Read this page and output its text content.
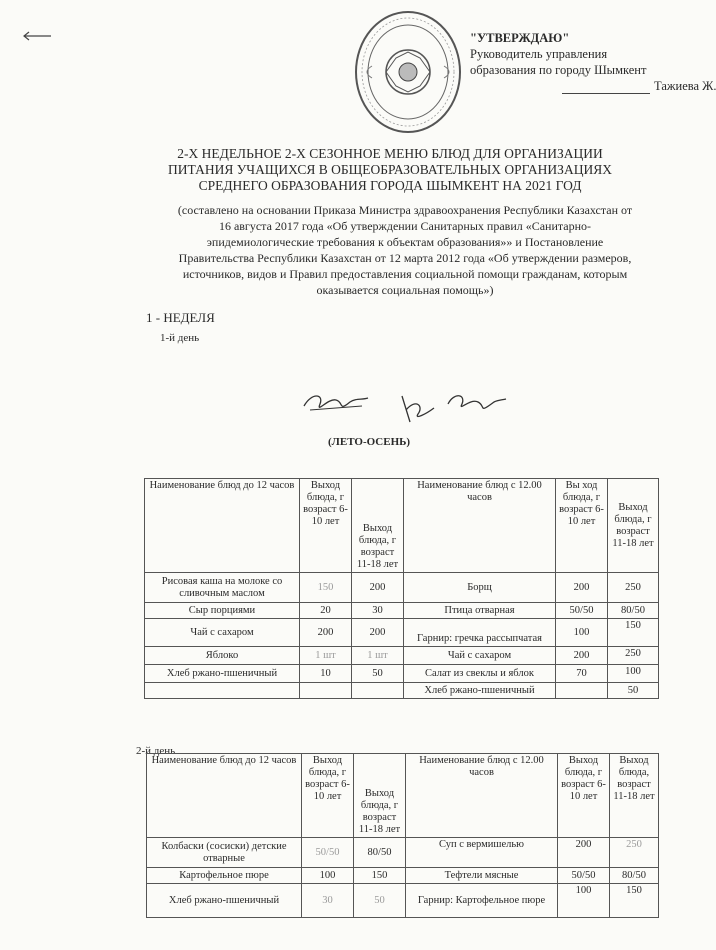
"УТВЕРЖДАЮ"
Руководитель управления
образования по городу Шымкент
Тажиева Ж.
2-Х НЕДЕЛЬНОЕ 2-Х СЕЗОННОЕ МЕНЮ БЛЮД ДЛЯ ОРГАНИЗАЦИИ
ПИТАНИЯ УЧАЩИХСЯ В ОБЩЕОБРАЗОВАТЕЛЬНЫХ ОРГАНИЗАЦИЯХ
СРЕДНЕГО ОБРАЗОВАНИЯ ГОРОДА ШЫМКЕНТ НА 2021 ГОД
(составлено на основании Приказа Министра здравоохранения Республики Казахстан от
16 августа 2017 года «Об утверждении Санитарных правил «Санитарно-
эпидемиологические требования к объектам образования»» и Постановление
Правительства Республики Казахстан от 12 марта 2012 года «Об утверждении размеров,
источников, видов и Правил предоставления социальной помощи гражданам, которым
оказывается социальная помощь»)
1 - НЕДЕЛЯ
1-й день
(ЛЕТО-ОСЕНЬ)
Наименование блюд до 12 часов	Выход блюда, г возраст 6-10 лет	Выход блюда, г возраст 11-18 лет	Наименование блюд с 12.00 часов	Вы ход блюда, г возраст 6-10 лет	Выход блюда, г возраст 11-18 лет
Рисовая каша на молоке со сливочным маслом	150	200	Борщ	200	250
Сыр порциями	20	30	Птица отварная	50/50	80/50
Чай с сахаром	200	200	Гарнир: гречка рассыпчатая	100	150
Яблоко	1 шт	1 шт	Чай с сахаром	200	250
Хлеб ржано-пшеничный	10	50	Салат из свеклы и яблок	70	100
			Хлеб ржано-пшеничный		50
2-й день
Наименование блюд до 12 часов	Выход блюда, г возраст 6-10 лет	Выход блюда, г возраст 11-18 лет	Наименование блюд с 12.00 часов	Выход блюда, г возраст 6-10 лет	Выход блюда, возраст 11-18 лет
Колбаски (сосиски) детские отварные	50/50	80/50	Суп с вермишелью	200	250
Картофельное пюре	100	150	Тефтели мясные	50/50	80/50
Хлеб ржано-пшеничный	30	50	Гарнир: Картофельное пюре	100	150
